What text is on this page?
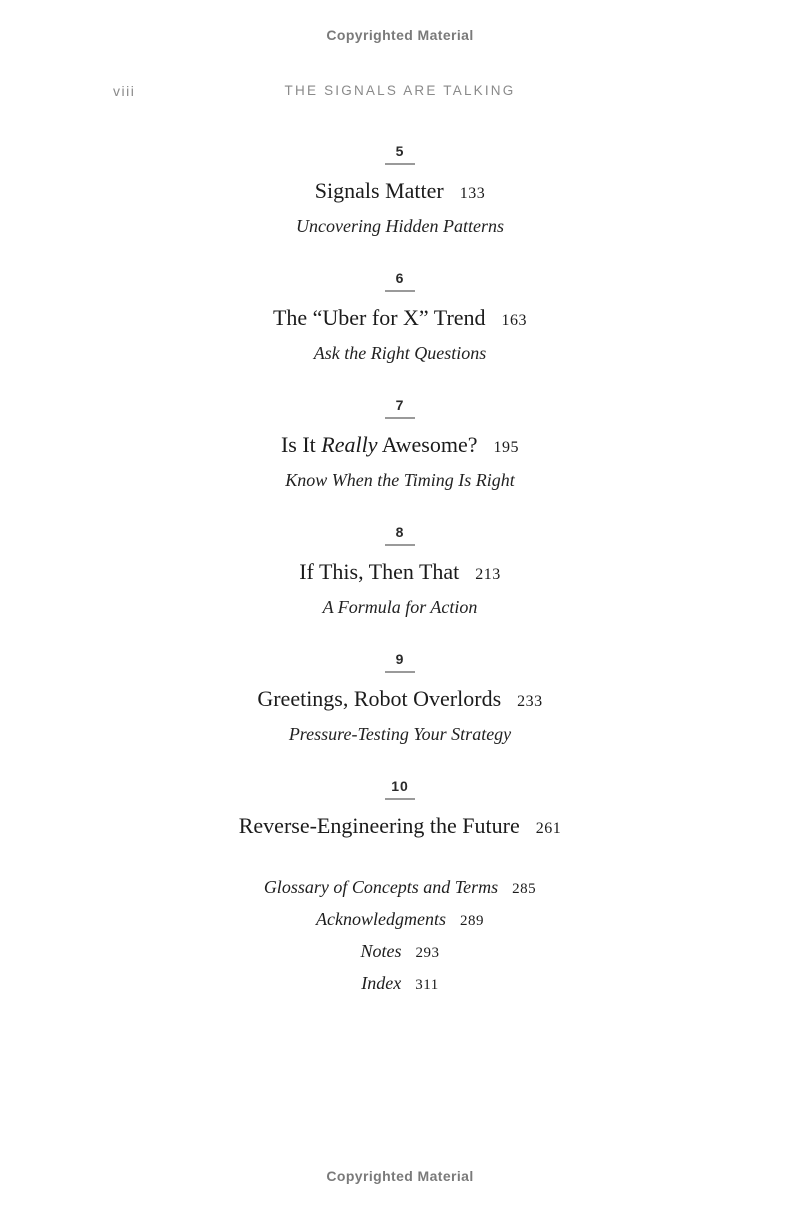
Copyrighted Material
viii	THE SIGNALS ARE TALKING
5
Signals Matter 133
Uncovering Hidden Patterns
6
The “Uber for X” Trend 163
Ask the Right Questions
7
Is It Really Awesome? 195
Know When the Timing Is Right
8
If This, Then That 213
A Formula for Action
9
Greetings, Robot Overlords 233
Pressure-Testing Your Strategy
10
Reverse-Engineering the Future 261
Glossary of Concepts and Terms 285
Acknowledgments 289
Notes 293
Index 311
Copyrighted Material
